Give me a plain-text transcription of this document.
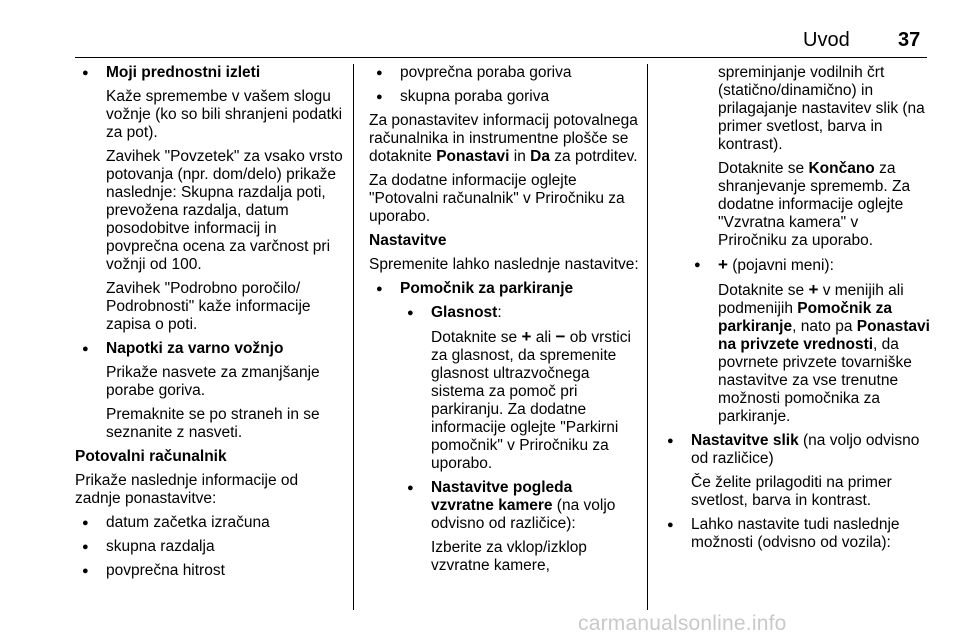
Uvod 37

● Moji prednostni izleti

Kaže spremembe v vašem slogu vožnje (ko so bili shranjeni podatki za pot).

Zavihek "Povzetek" za vsako vrsto potovanja (npr. dom/delo) prikaže naslednje: Skupna razdalja poti, prevožena razdalja, datum posodobitve informacij in povprečna ocena za varčnost pri vožnji od 100.

Zavihek "Podrobno poročilo/ Podrobnosti" kaže informacije zapisa o poti.

● Napotki za varno vožnjo

Prikaže nasvete za zmanjšanje porabe goriva.

Premaknite se po straneh in se seznanite z nasveti.

Potovalni računalnik

Prikaže naslednje informacije od zadnje ponastavitve:

● datum začetka izračuna
● skupna razdalja
● povprečna hitrost
● povprečna poraba goriva
● skupna poraba goriva

Za ponastavitev informacij potovalnega računalnika in instrumentne plošče se dotaknite Ponastavi in Da za potrditev.

Za dodatne informacije oglejte "Potovalni računalnik" v Priročniku za uporabo.

Nastavitve

Spremenite lahko naslednje nastavitve:

● Pomočnik za parkiranje

● Glasnost:

Dotaknite se + ali − ob vrstici za glasnost, da spremenite glasnost ultrazvočnega sistema za pomoč pri parkiranju. Za dodatne informacije oglejte "Parkirni pomočnik" v Priročniku za uporabo.

● Nastavitve pogleda vzvratne kamere (na voljo odvisno od različice):

Izberite za vklop/izklop vzvratne kamere,

spreminjanje vodilnih črt (statično/dinamično) in prilagajanje nastavitev slik (na primer svetlost, barva in kontrast).

Dotaknite se Končano za shranjevanje sprememb. Za dodatne informacije oglejte "Vzvratna kamera" v Priročniku za uporabo.

● + (pojavni meni):

Dotaknite se + v menijih ali podmenijih Pomočnik za parkiranje, nato pa Ponastavi na privzete vrednosti, da povrnete privzete tovarniške nastavitve za vse trenutne možnosti pomočnika za parkiranje.

● Nastavitve slik (na voljo odvisno od različice)

Če želite prilagoditi na primer svetlost, barva in kontrast.

● Lahko nastavite tudi naslednje možnosti (odvisno od vozila):
carmanualsonline.info
